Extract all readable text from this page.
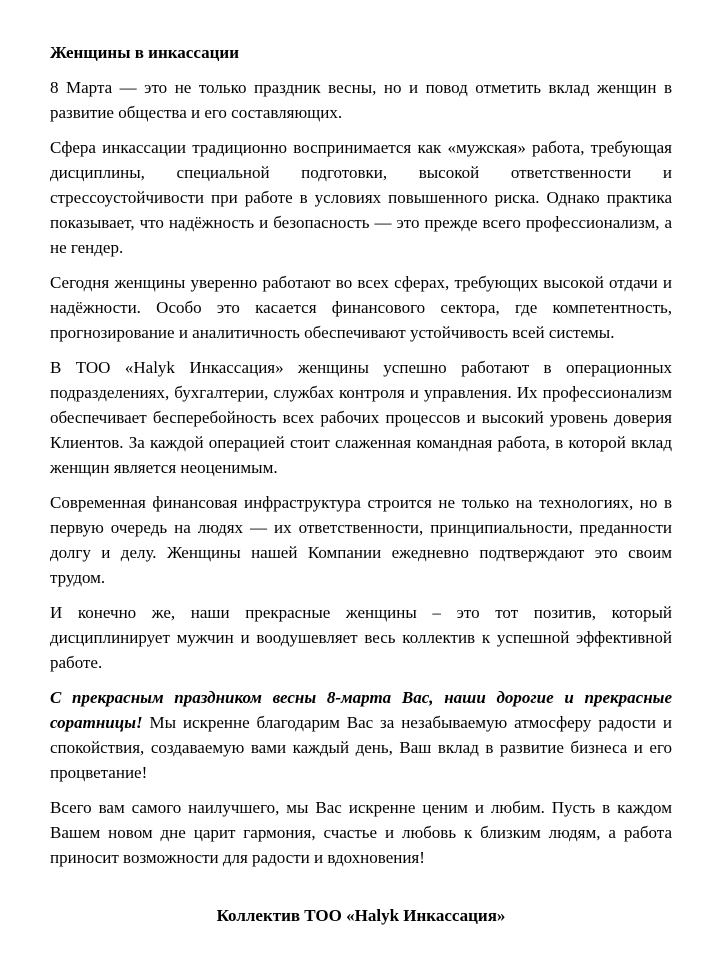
Женщины в инкассации

8 Марта — это не только праздник весны, но и повод отметить вклад женщин в развитие общества и его составляющих.

Сфера инкассации традиционно воспринимается как «мужская» работа, требующая дисциплины, специальной подготовки, высокой ответственности и стрессоустойчивости при работе в условиях повышенного риска. Однако практика показывает, что надёжность и безопасность — это прежде всего профессионализм, а не гендер.

Сегодня женщины уверенно работают во всех сферах, требующих высокой отдачи и надёжности. Особо это касается финансового сектора, где компетентность, прогнозирование и аналитичность обеспечивают устойчивость всей системы.

В ТОО «Halyk Инкассация» женщины успешно работают в операционных подразделениях, бухгалтерии, службах контроля и управления. Их профессионализм обеспечивает бесперебойность всех рабочих процессов и высокий уровень доверия Клиентов. За каждой операцией стоит слаженная командная работа, в которой вклад женщин является неоценимым.

Современная финансовая инфраструктура строится не только на технологиях, но в первую очередь на людях — их ответственности, принципиальности, преданности долгу и делу. Женщины нашей Компании ежедневно подтверждают это своим трудом.

И конечно же, наши прекрасные женщины – это тот позитив, который дисциплинирует мужчин и воодушевляет весь коллектив к успешной эффективной работе.

С прекрасным праздником весны 8-марта Вас, наши дорогие и прекрасные соратницы! Мы искренне благодарим Вас за незабываемую атмосферу радости и спокойствия, создаваемую вами каждый день, Ваш вклад в развитие бизнеса и его процветание!

Всего вам самого наилучшего, мы Вас искренне ценим и любим. Пусть в каждом Вашем новом дне царит гармония, счастье и любовь к близким людям, а работа приносит возможности для радости и вдохновения!

Коллектив ТОО «Halyk Инкассация»
